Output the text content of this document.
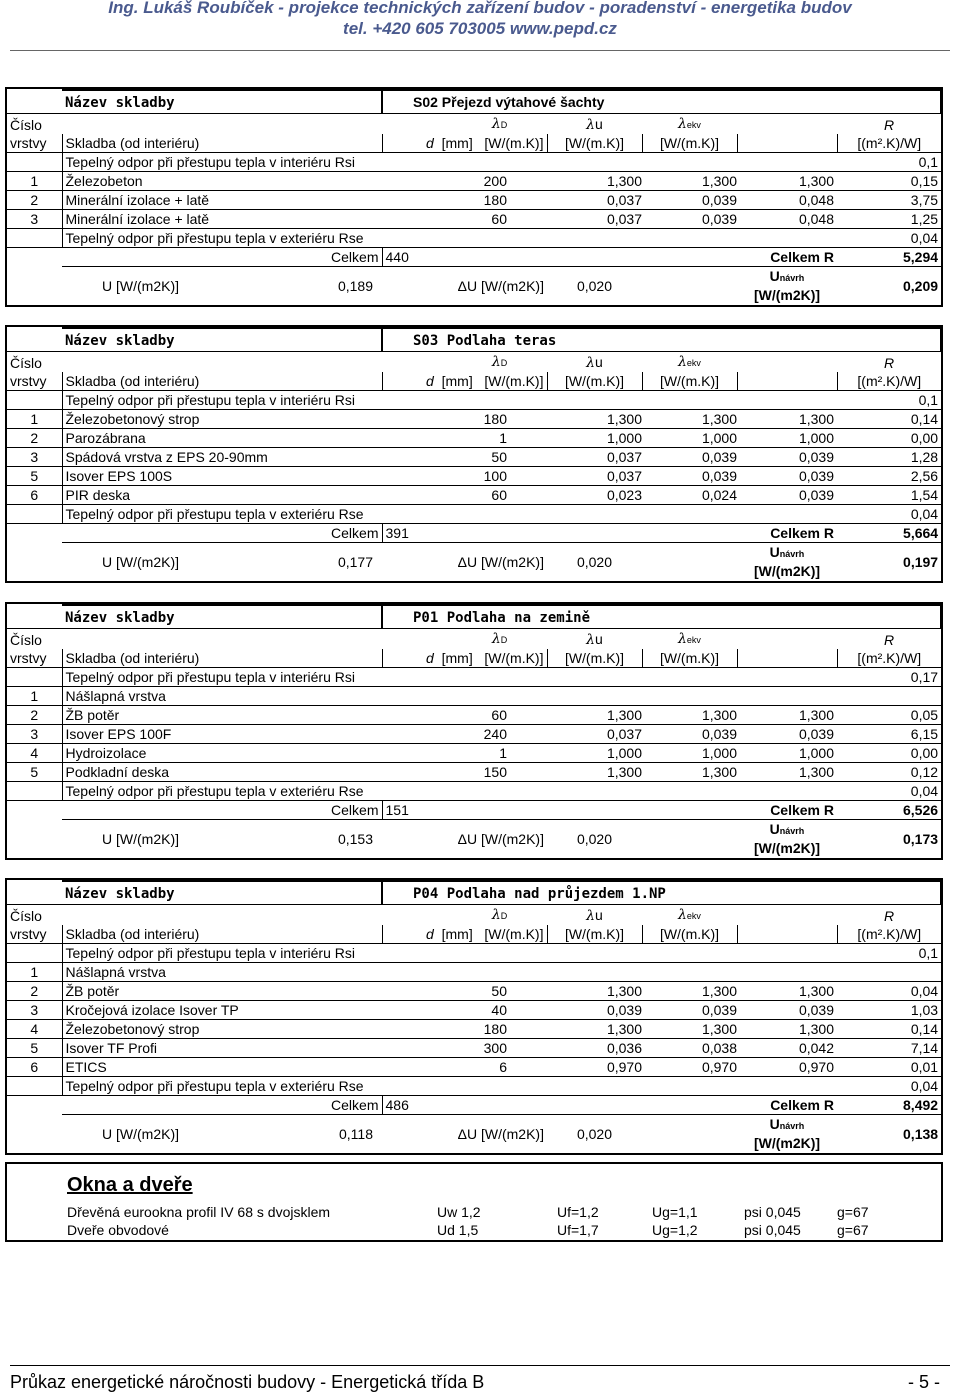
Ing. Lukáš Roubíček - projekce technických zařízení budov - poradenství - energetika budov
tel. +420 605 703005 www.pepd.cz
	Název skladby	S02 Přejezd výtahové šachty					
Číslo			λD	λu	λekv		R
vrstvy	Skladba (od interiéru)	d [mm] [W/(m.K)]		[W/(m.K)]	[W/(m.K)]		[(m².K)/W]
	Tepelný odpor při přestupu tepla v interiéru Rsi						0,1
1	Železobeton	200		1,300	1,300	1,300	0,15
2	Minerální izolace + latě	180		0,037	0,039	0,048	3,75
3	Minerální izolace + latě	60		0,037	0,039	0,048	1,25
	Tepelný odpor při přestupu tepla v exteriéru Rse						0,04
	Celkem	440				Celkem R	5,294
	U [W/(m2K)] 0,189	ΔU [W/(m2K)]		0,020		Unávrh
[W/(m2K)]	0,209
	Název skladby	S03 Podlaha teras					
Číslo			λD	λu	λekv		R
vrstvy	Skladba (od interiéru)	d [mm] [W/(m.K)]		[W/(m.K)]	[W/(m.K)]		[(m².K)/W]
	Tepelný odpor při přestupu tepla v interiéru Rsi						0,1
1	Železobetonový strop	180		1,300	1,300	1,300	0,14
2	Parozábrana	1		1,000	1,000	1,000	0,00
3	Spádová vrstva z EPS 20-90mm	50		0,037	0,039	0,039	1,28
5	Isover EPS 100S	100		0,037	0,039	0,039	2,56
6	PIR deska	60		0,023	0,024	0,039	1,54
	Tepelný odpor při přestupu tepla v exteriéru Rse						0,04
	Celkem	391				Celkem R	5,664
	U [W/(m2K)] 0,177	ΔU [W/(m2K)]		0,020		Unávrh
[W/(m2K)]	0,197
	Název skladby	P01 Podlaha na zemině					
Číslo			λD	λu	λekv		R
vrstvy	Skladba (od interiéru)	d [mm] [W/(m.K)]		[W/(m.K)]	[W/(m.K)]		[(m².K)/W]
	Tepelný odpor při přestupu tepla v interiéru Rsi						0,17
1	Nášlapná vrstva						
2	ŽB potěr	60		1,300	1,300	1,300	0,05
3	Isover EPS 100F	240		0,037	0,039	0,039	6,15
4	Hydroizolace	1		1,000	1,000	1,000	0,00
5	Podkladní deska	150		1,300	1,300	1,300	0,12
	Tepelný odpor při přestupu tepla v exteriéru Rse						0,04
	Celkem	151				Celkem R	6,526
	U [W/(m2K)] 0,153	ΔU [W/(m2K)]		0,020		Unávrh
[W/(m2K)]	0,173
	Název skladby	P04 Podlaha nad průjezdem 1.NP					
Číslo			λD	λu	λekv		R
vrstvy	Skladba (od interiéru)	d [mm] [W/(m.K)]		[W/(m.K)]	[W/(m.K)]		[(m².K)/W]
	Tepelný odpor při přestupu tepla v interiéru Rsi						0,1
1	Nášlapná vrstva						
2	ŽB potěr	50		1,300	1,300	1,300	0,04
3	Kročejová izolace Isover TP	40		0,039	0,039	0,039	1,03
4	Železobetonový strop	180		1,300	1,300	1,300	0,14
5	Isover TF Profi	300		0,036	0,038	0,042	7,14
6	ETICS	6		0,970	0,970	0,970	0,01
	Tepelný odpor při přestupu tepla v exteriéru Rse						0,04
	Celkem	486				Celkem R	8,492
	U [W/(m2K)] 0,118	ΔU [W/(m2K)]		0,020		Unávrh
[W/(m2K)]	0,138
Okna a dveře
Dřevěná eurookna profil IV 68 s dvojsklem	Uw 1,2	Uf=1,2	Ug=1,1	psi 0,045	g=67
Dveře obvodové	Ud 1,5	Uf=1,7	Ug=1,2	psi 0,045	g=67
Průkaz energetické náročnosti budovy - Energetická třída B	- 5 -
